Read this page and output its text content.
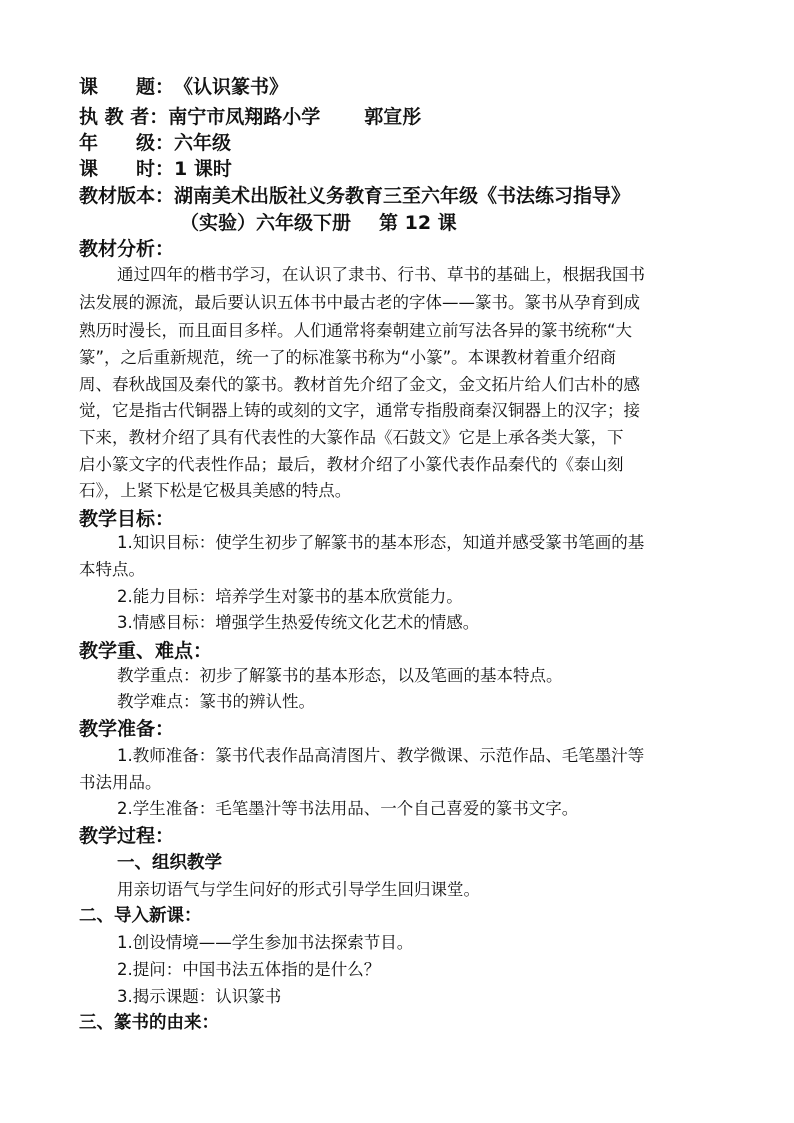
课　　题：《认识篆书》
执 教 者：南宁市凤翔路小学 郭宣彤
年　　级：六年级
课　　时：1 课时
教材版本：湖南美术出版社义务教育三至六年级《书法练习指导》
（实验）六年级下册 第 12 课
教材分析：
通过四年的楷书学习，在认识了隶书、行书、草书的基础上，根据我国书
法发展的源流，最后要认识五体书中最古老的字体——篆书。篆书从孕育到成
熟历时漫长，而且面目多样。人们通常将秦朝建立前写法各异的篆书统称“大
篆”，之后重新规范，统一了的标准篆书称为“小篆”。本课教材着重介绍商
周、春秋战国及秦代的篆书。教材首先介绍了金文，金文拓片给人们古朴的感
觉，它是指古代铜器上铸的或刻的文字，通常专指殷商秦汉铜器上的汉字；接
下来，教材介绍了具有代表性的大篆作品《石鼓文》它是上承各类大篆，下
启小篆文字的代表性作品；最后，教材介绍了小篆代表作品秦代的《泰山刻
石》，上紧下松是它极具美感的特点。
教学目标：
1.知识目标：使学生初步了解篆书的基本形态，知道并感受篆书笔画的基
本特点。
2.能力目标：培养学生对篆书的基本欣赏能力。
3.情感目标：增强学生热爱传统文化艺术的情感。
教学重、难点：
教学重点：初步了解篆书的基本形态，以及笔画的基本特点。
教学难点：篆书的辨认性。
教学准备：
1.教师准备：篆书代表作品高清图片、教学微课、示范作品、毛笔墨汁等
书法用品。
2.学生准备：毛笔墨汁等书法用品、一个自己喜爱的篆书文字。
教学过程：
一、组织教学
用亲切语气与学生问好的形式引导学生回归课堂。
二、导入新课：
1.创设情境——学生参加书法探索节目。
2.提问：中国书法五体指的是什么？
3.揭示课题：认识篆书
三、篆书的由来：
